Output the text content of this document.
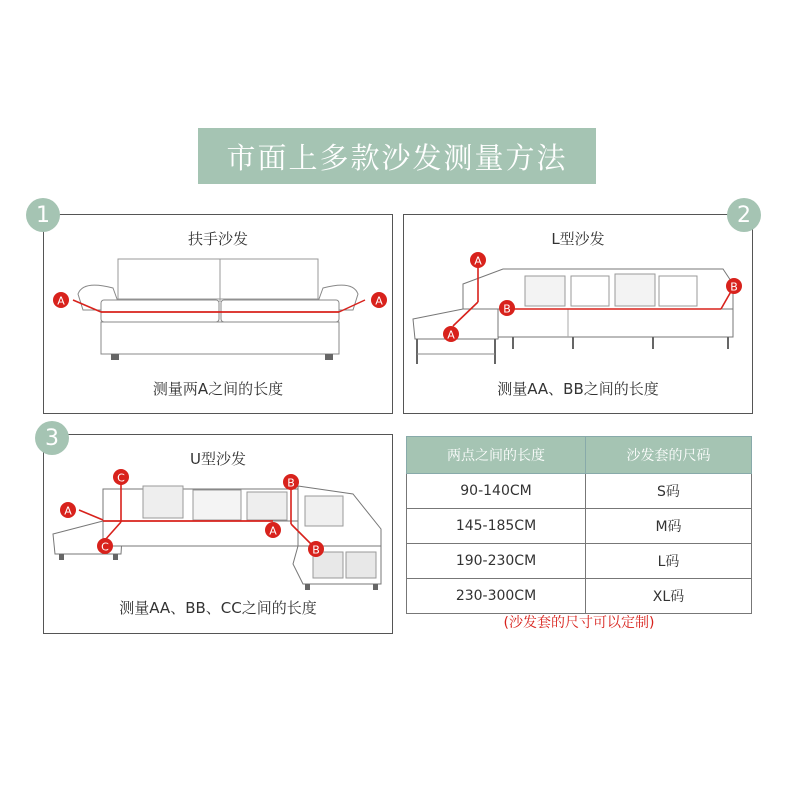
市面上多款沙发测量方法
扶手沙发
测量两A之间的长度
A	A
1
L型沙发
测量AA、BB之间的长度
A
A
B
B
2
U型沙发
测量AA、BB、CC之间的长度
A
A
C
C
B
B
3
两点之间的长度	沙发套的尺码
90-140CM	S码
145-185CM	M码
190-230CM	L码
230-300CM	XL码
(沙发套的尺寸可以定制)
